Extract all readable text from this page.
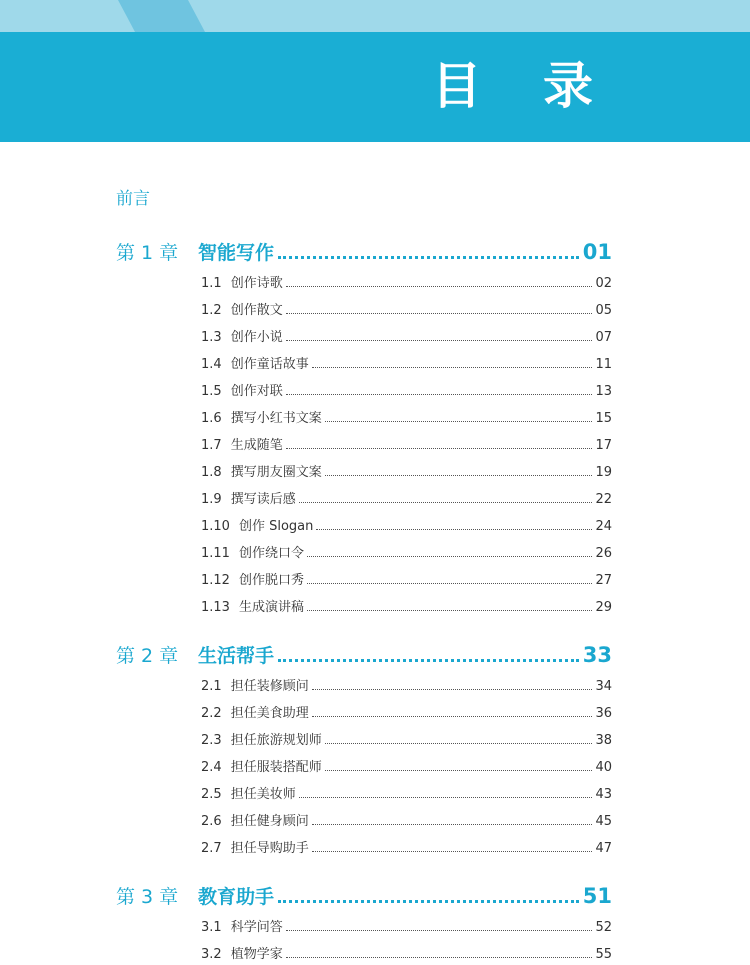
目 录
前言
第 1 章	智能写作	01
1.1 创作诗歌	02
1.2 创作散文	05
1.3 创作小说	07
1.4 创作童话故事	11
1.5 创作对联	13
1.6 撰写小红书文案	15
1.7 生成随笔	17
1.8 撰写朋友圈文案	19
1.9 撰写读后感	22
1.10 创作 Slogan	24
1.11 创作绕口令	26
1.12 创作脱口秀	27
1.13 生成演讲稿	29
第 2 章	生活帮手	33
2.1 担任装修顾问	34
2.2 担任美食助理	36
2.3 担任旅游规划师	38
2.4 担任服装搭配师	40
2.5 担任美妆师	43
2.6 担任健身顾问	45
2.7 担任导购助手	47
第 3 章	教育助手	51
3.1 科学问答	52
3.2 植物学家	55
